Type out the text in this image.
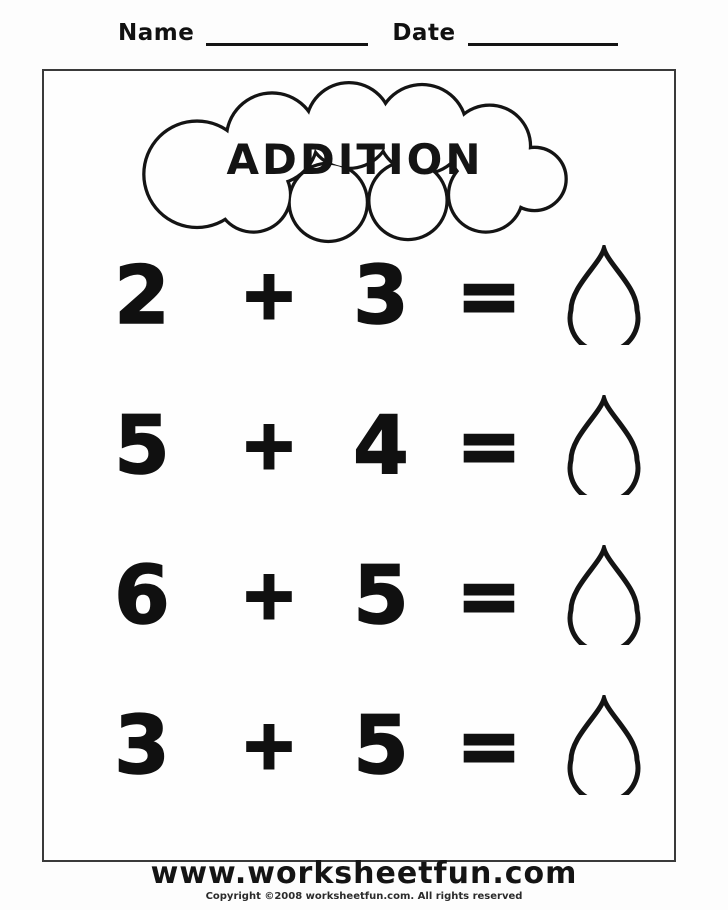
Name	Date
ADDITION
2	+ 3 =
5	+ 4 =
6	+ 5 =
3	+ 5 =
www.worksheetfun.com
Copyright ©2008 worksheetfun.com. All rights reserved
